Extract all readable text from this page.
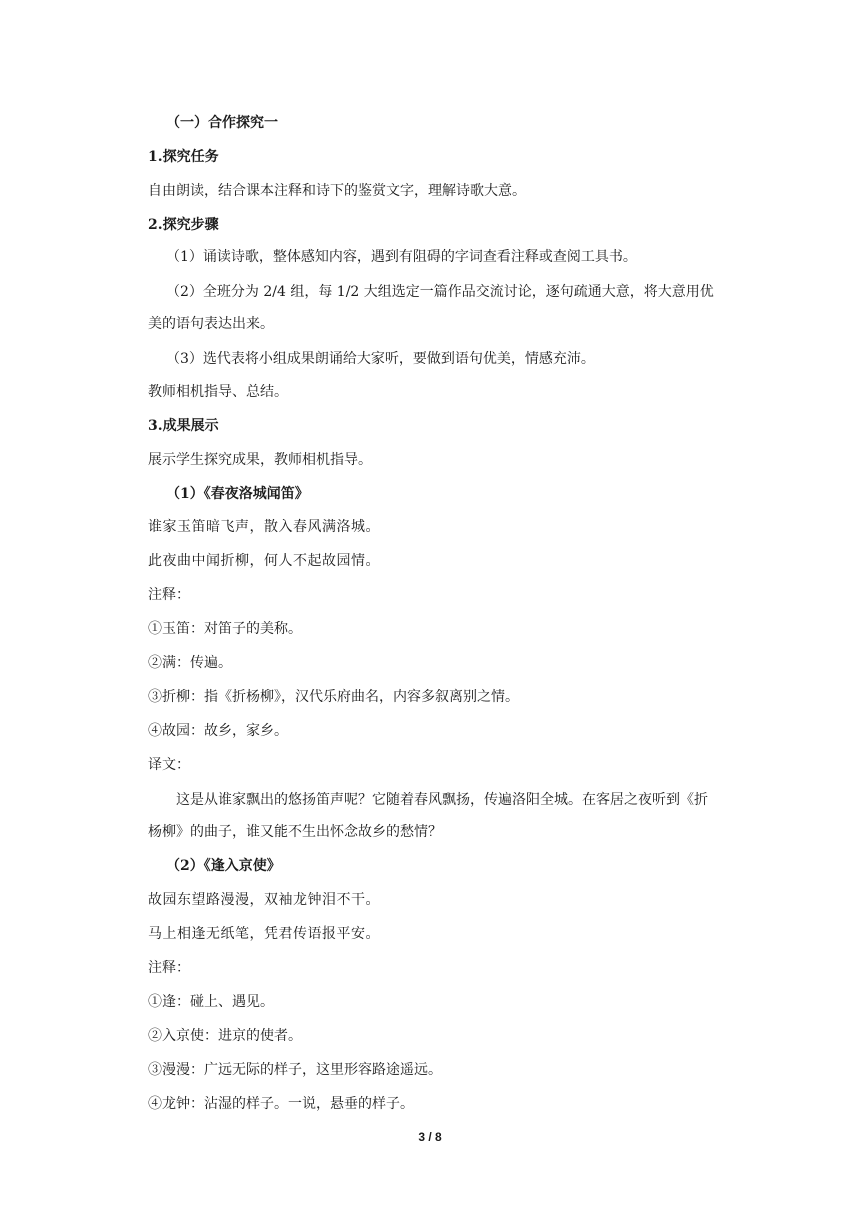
（一）合作探究一
1.探究任务
自由朗读，结合课本注释和诗下的鉴赏文字，理解诗歌大意。
2.探究步骤
（1）诵读诗歌，整体感知内容，遇到有阻碍的字词查看注释或查阅工具书。
（2）全班分为 2/4 组，每 1/2 大组选定一篇作品交流讨论，逐句疏通大意，将大意用优美的语句表达出来。
（3）选代表将小组成果朗诵给大家听，要做到语句优美，情感充沛。
教师相机指导、总结。
3.成果展示
展示学生探究成果，教师相机指导。
（1）《春夜洛城闻笛》
谁家玉笛暗飞声，散入春风满洛城。
此夜曲中闻折柳，何人不起故园情。
注释：
①玉笛：对笛子的美称。
②满：传遍。
③折柳：指《折杨柳》，汉代乐府曲名，内容多叙离别之情。
④故园：故乡，家乡。
译文：
这是从谁家飘出的悠扬笛声呢？它随着春风飘扬，传遍洛阳全城。在客居之夜听到《折杨柳》的曲子，谁又能不生出怀念故乡的愁情？
（2）《逢入京使》
故园东望路漫漫，双袖龙钟泪不干。
马上相逢无纸笔，凭君传语报平安。
注释：
①逢：碰上、遇见。
②入京使：进京的使者。
③漫漫：广远无际的样子，这里形容路途遥远。
④龙钟：沾湿的样子。一说，悬垂的样子。
3 / 8
